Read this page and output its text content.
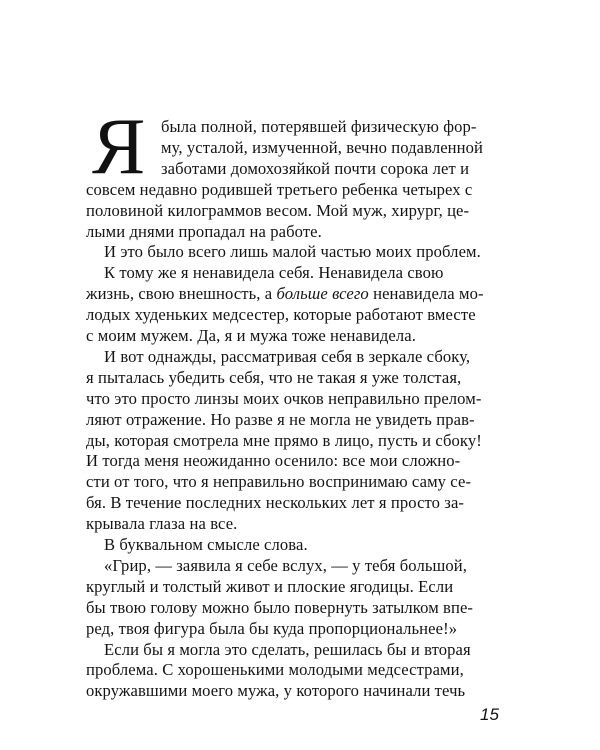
Я была полной, потерявшей физическую фор-
му, усталой, измученной, вечно подавленной
заботами домохозяйкой почти сорока лет и
совсем недавно родившей третьего ребенка четырех с
половиной килограммов весом. Мой муж, хирург, це-
лыми днями пропадал на работе.
И это было всего лишь малой частью моих проблем.
К тому же я ненавидела себя. Ненавидела свою
жизнь, свою внешность, а больше всего ненавидела мо-
лодых худеньких медсестер, которые работают вместе
с моим мужем. Да, я и мужа тоже ненавидела.
И вот однажды, рассматривая себя в зеркале сбоку,
я пыталась убедить себя, что не такая я уже толстая,
что это просто линзы моих очков неправильно прелом-
ляют отражение. Но разве я не могла не увидеть прав-
ды, которая смотрела мне прямо в лицо, пусть и сбоку!
И тогда меня неожиданно осенило: все мои сложно-
сти от того, что я неправильно воспринимаю саму се-
бя. В течение последних нескольких лет я просто за-
крывала глаза на все.
В буквальном смысле слова.
«Грир, — заявила я себе вслух, — у тебя большой,
круглый и толстый живот и плоские ягодицы. Если
бы твою голову можно было повернуть затылком впе-
ред, твоя фигура была бы куда пропорциональнее!»
Если бы я могла это сделать, решилась бы и вторая
проблема. С хорошенькими молодыми медсестрами,
окружавшими моего мужа, у которого начинали течь
15
